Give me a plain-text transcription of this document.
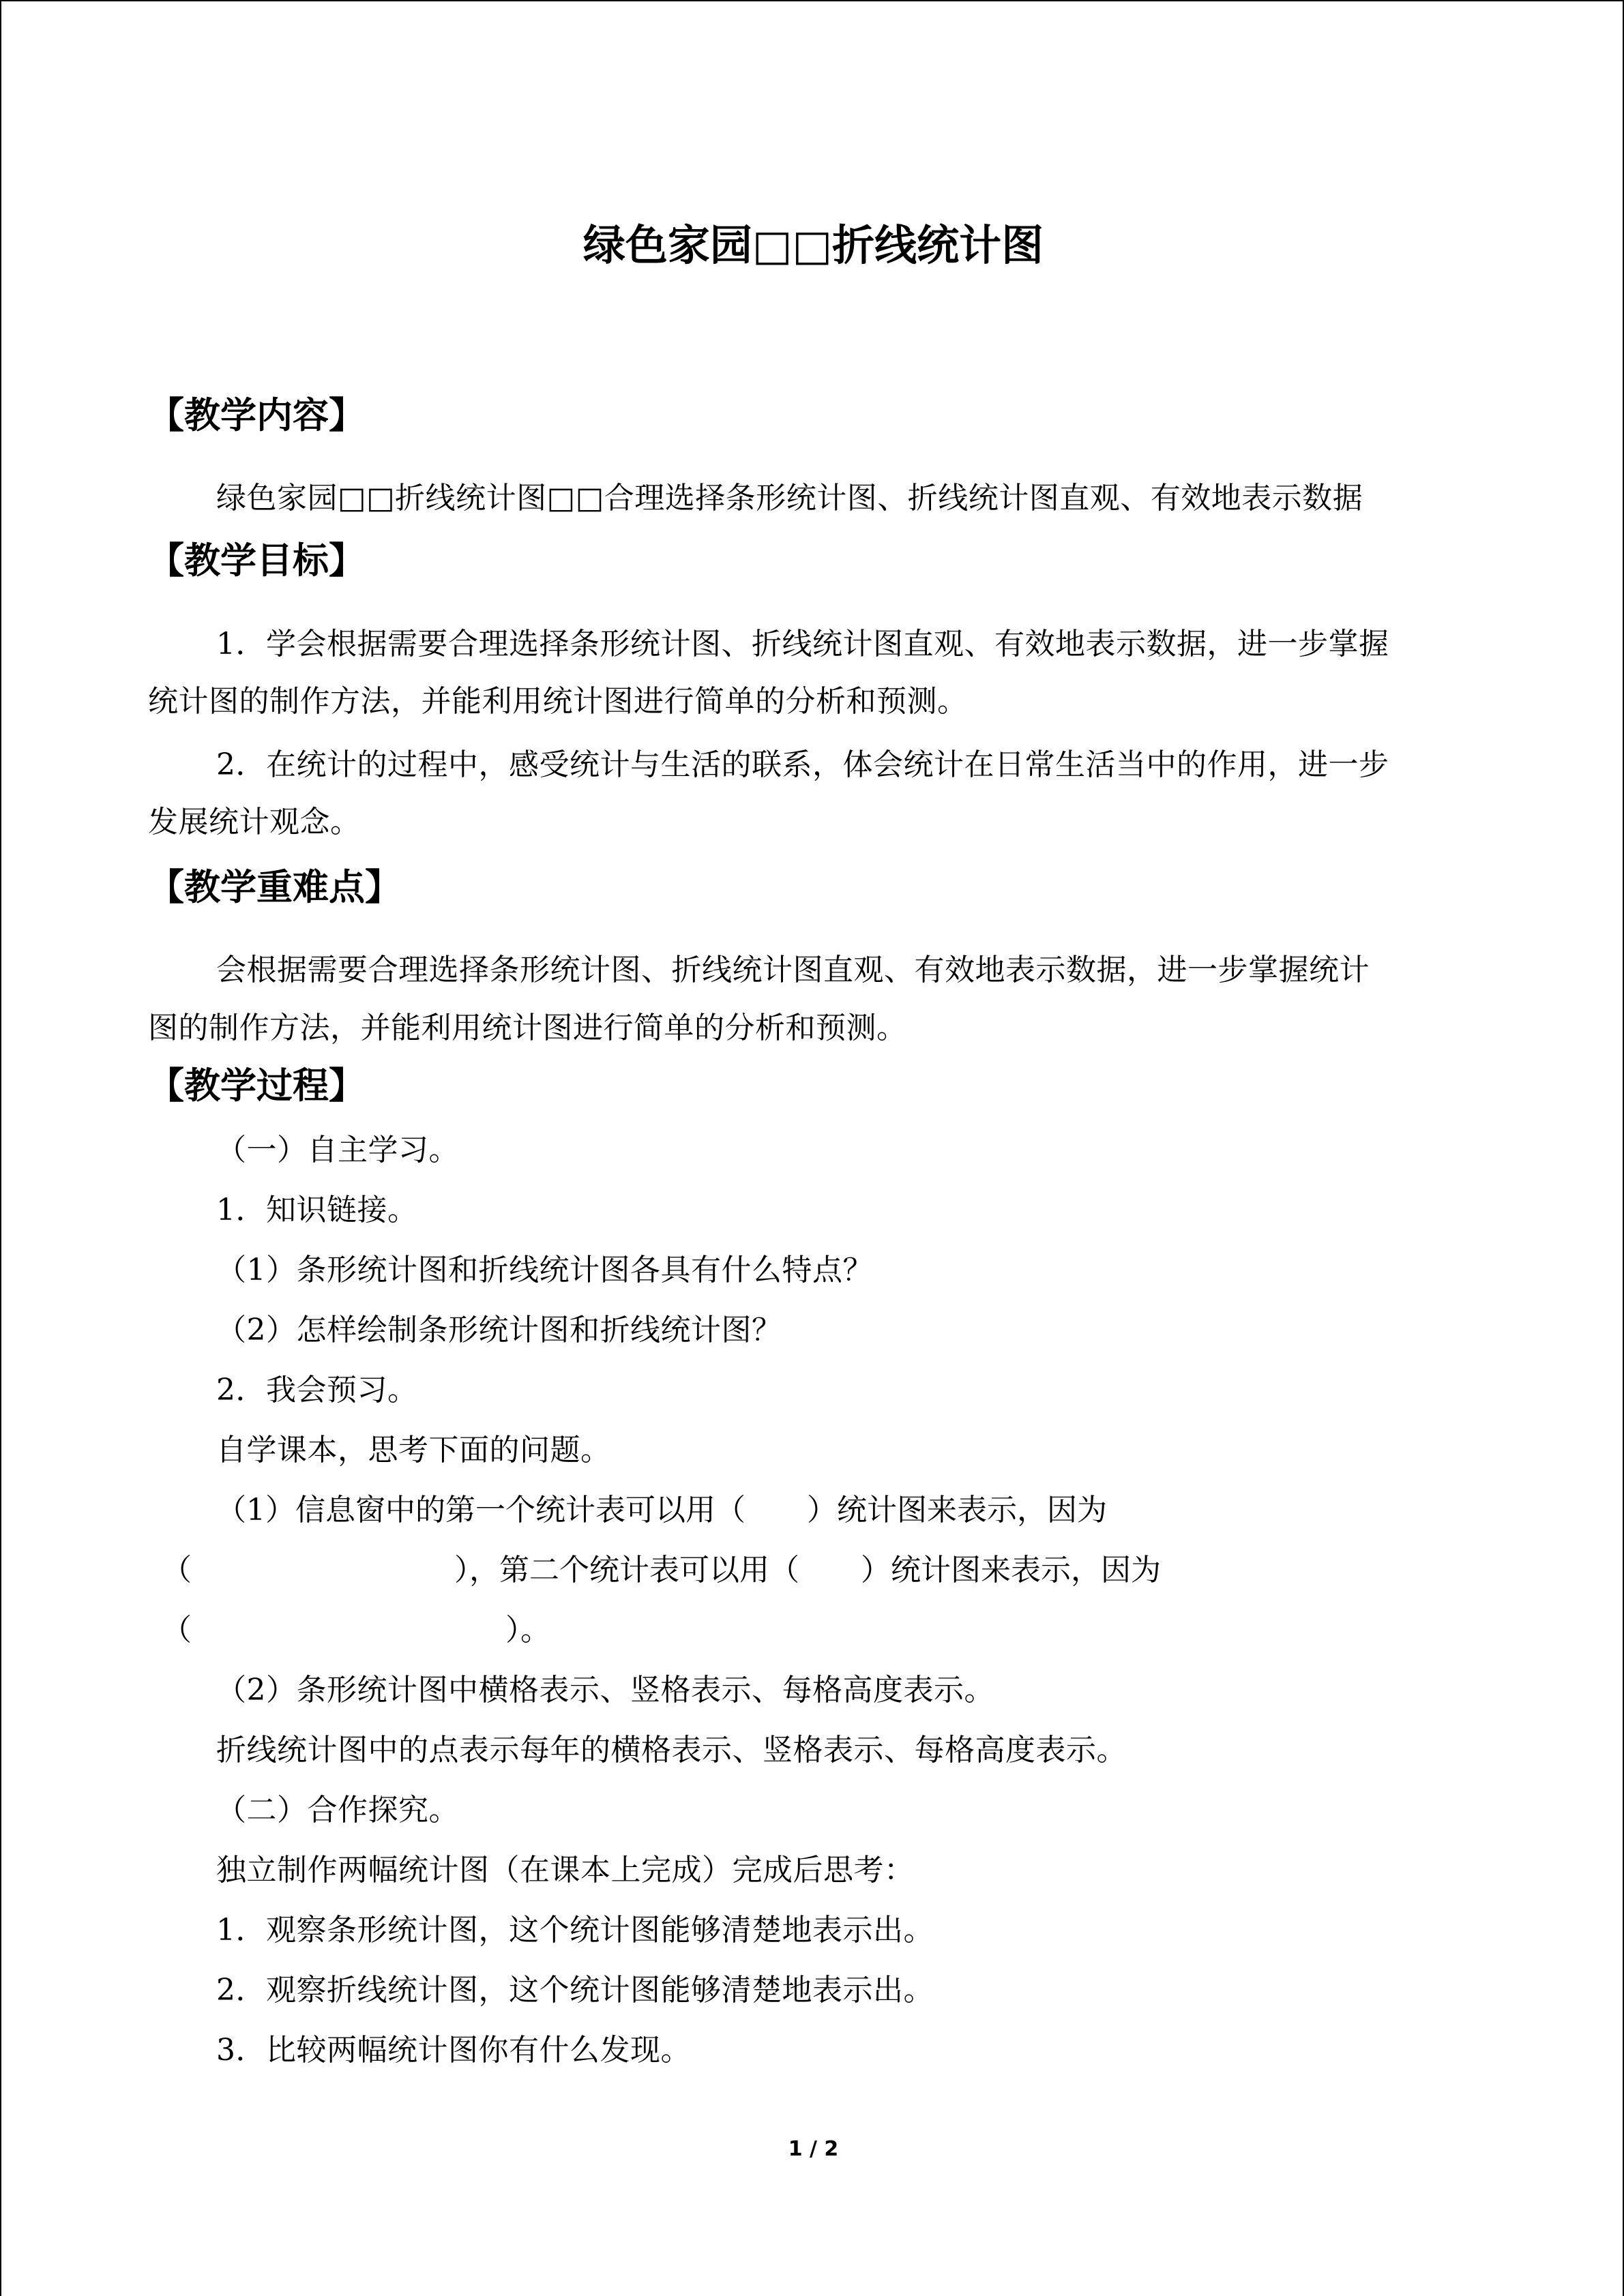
绿色家园□□折线统计图
【教学内容】
绿色家园□□折线统计图□□合理选择条形统计图、折线统计图直观、有效地表示数据
【教学目标】
1．学会根据需要合理选择条形统计图、折线统计图直观、有效地表示数据，进一步掌握
统计图的制作方法，并能利用统计图进行简单的分析和预测。
2．在统计的过程中，感受统计与生活的联系，体会统计在日常生活当中的作用，进一步
发展统计观念。
【教学重难点】
会根据需要合理选择条形统计图、折线统计图直观、有效地表示数据，进一步掌握统计
图的制作方法，并能利用统计图进行简单的分析和预测。
【教学过程】
（一）自主学习。
1．知识链接。
（1）条形统计图和折线统计图各具有什么特点？
（2）怎样绘制条形统计图和折线统计图？
2．我会预习。
自学课本，思考下面的问题。
（1）信息窗中的第一个统计表可以用（ ）统计图来表示，因为
（	），第二个统计表可以用（ ）统计图来表示，因为
（	）。
（2）条形统计图中横格表示、竖格表示、每格高度表示。
折线统计图中的点表示每年的横格表示、竖格表示、每格高度表示。
（二）合作探究。
独立制作两幅统计图（在课本上完成）完成后思考：
1．观察条形统计图，这个统计图能够清楚地表示出。
2．观察折线统计图，这个统计图能够清楚地表示出。
3．比较两幅统计图你有什么发现。
1 / 2
